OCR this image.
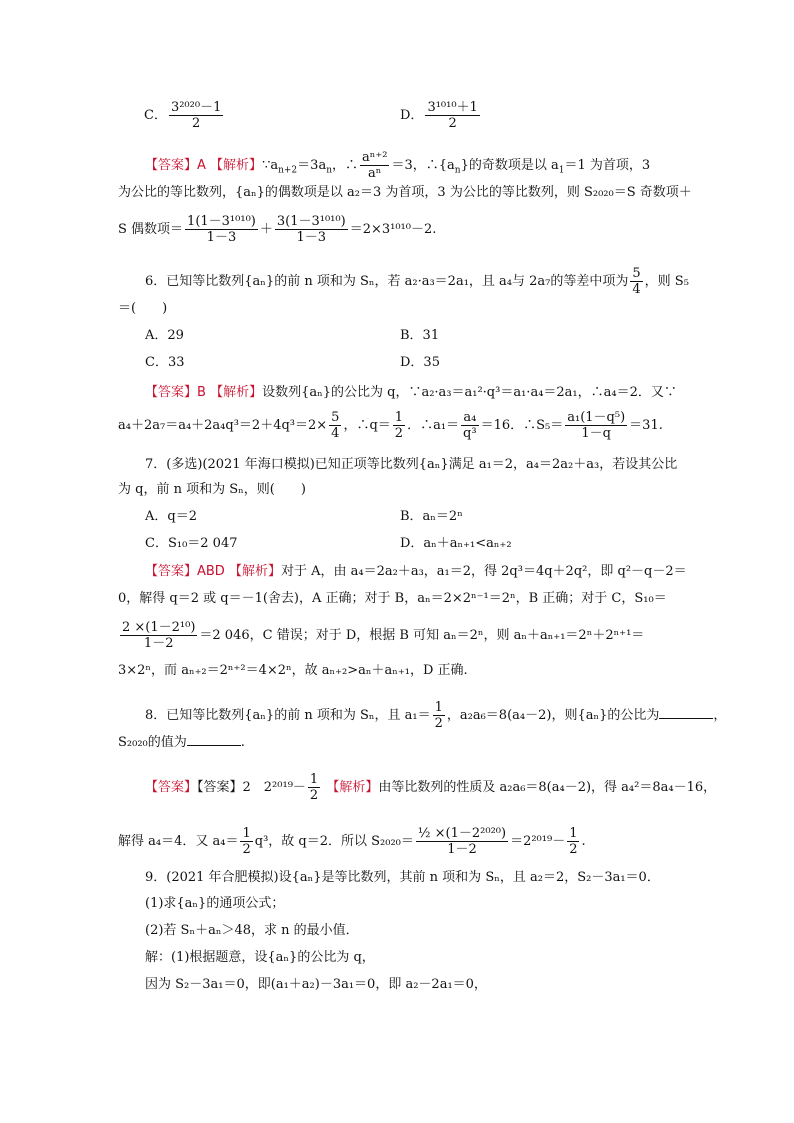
C． $\frac{\text{3²⁰²⁰－1}}{2}$	D． $\frac{\text{3¹⁰¹⁰＋1}}{2}$
【答案】A 【解析】$\because a_{n+2}=3a_n$，∴ $\frac{\text{aⁿ⁺²}}{\text{aⁿ}} =3$，$\therefore\{a_n\}$的奇数项是以 $a_1=1$ 为首项，3
为公比的等比数列，{aₙ}的偶数项是以 a₂＝3 为首项，3 为公比的等比数列，则 S₂₀₂₀＝S 奇数项＋
S 偶数项＝ $\frac{\text{1(1－3¹⁰¹⁰)}}{1-3} + \frac{\text{3(1－3¹⁰¹⁰)}}{1-3} =2\times 3^{1010}-2$.
6．已知等比数列{aₙ}的前 n 项和为 Sₙ，若 a₂·a₃＝2a₁，且 a₄与 2a₇的等差中项为 $\frac{5}{4}$ ，则 S₅
＝(　　)
A．29	B．31
C．33	D．35
【答案】B 【解析】设数列{aₙ}的公比为 q，∵a₂·a₃＝a₁²·q³＝a₁·a₄＝2a₁，∴a₄＝2．又∵
$a_4+2a_7=a_4+2a_4q^3=2+4q^3=2\times \frac{5}{4}$ ，∴q＝ $\frac{1}{2}$ ．∴a₁＝ $\frac{\text{a₄}}{\text{q³}} =16$．∴S₅＝ $\frac{\text{a₁(1－q⁵)}}{1-q} =31$.
7．(多选)(2021 年海口模拟)已知正项等比数列{aₙ}满足 a₁＝2，a₄＝2a₂＋a₃，若设其公比
为 q，前 n 项和为 Sₙ，则(　　)
A．q＝2	B．aₙ＝2ⁿ
C．S₁₀＝2 047	D．aₙ＋aₙ₊₁<aₙ₊₂
【答案】ABD 【解析】对于 A，由 a₄＝2a₂＋a₃，a₁＝2，得 2q³＝4q＋2q²，即 q²－q－2＝
0，解得 q＝2 或 q＝－1(舍去)，A 正确；对于 B，aₙ＝2×2ⁿ⁻¹＝2ⁿ，B 正确；对于 C，S₁₀＝
$\frac{\text{2 ×(1－2¹⁰)}}{1-2} =2$ 046，C 错误；对于 D，根据 B 可知 aₙ＝2ⁿ，则 aₙ＋aₙ₊₁＝2ⁿ＋2ⁿ⁺¹＝
3×2ⁿ，而 aₙ₊₂＝2ⁿ⁺²＝4×2ⁿ，故 aₙ₊₂>aₙ＋aₙ₊₁，D 正确.
8．已知等比数列{aₙ}的前 n 项和为 Sₙ，且 $a_1= \frac{1}{2}$ ，a₂a₆＝8(a₄－2)，则{aₙ}的公比为	，
S₂₀₂₀的值为	.
【答案】【答案】2　$2^{2019}- \frac{1}{2}$ 【解析】由等比数列的性质及 a₂a₆＝8(a₄－2)，得 a₄²＝8a₄－16，
解得 a₄＝4．又 $a_4= \frac{1}{2} q^3$，故 q＝2．所以 $S_{2020}= \frac{\text{½ ×(1－2²⁰²⁰)}}{1-2} =2^{2019}- \frac{1}{2}$ .
9．(2021 年合肥模拟)设{aₙ}是等比数列，其前 n 项和为 Sₙ，且 a₂＝2，S₂－3a₁＝0．
(1)求{aₙ}的通项公式；
(2)若 Sₙ＋aₙ＞48，求 n 的最小值．
解：(1)根据题意，设{aₙ}的公比为 q，
因为 S₂－3a₁＝0，即(a₁＋a₂)－3a₁＝0，即 a₂－2a₁＝0，
